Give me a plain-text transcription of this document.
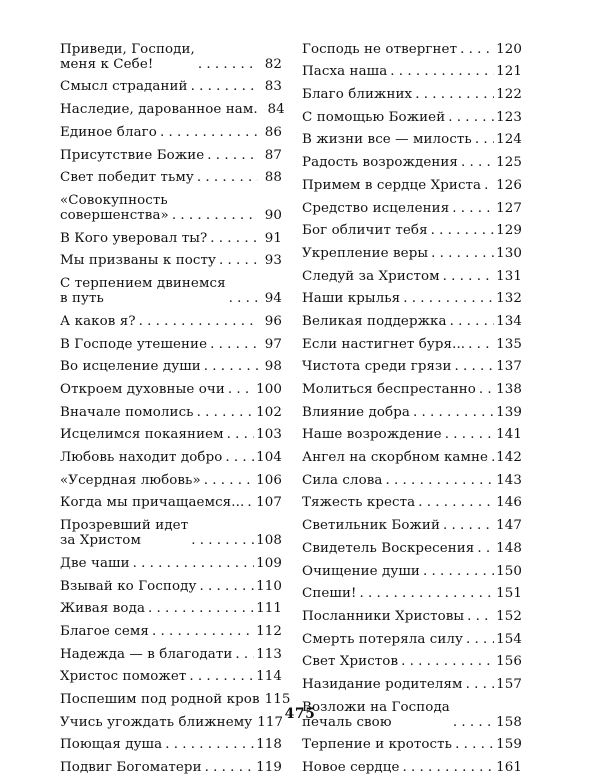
Приведи, Господи,
меня к Себе! . . .	82
Смысл страданий . . .	83
Наследие, дарованное нам. 84
Единое благо . . .	86
Присутствие Божие . . .	87
Свет победит тьму . . .	88
«Совокупность
совершенства» . . .	90
В Кого уверовал ты? . . .	91
Мы призваны к посту . . .	93
С терпением двинемся
в путь . . .	94
А каков я? . . .	96
В Господе утешение . . .	97
Во исцеление души . . .	98
Откроем духовные очи . . . 100
Вначале помолись . . .	102
Исцелимся покаянием . . . 103
Любовь находит добро . . .	104
«Усердная любовь» . . .	106
Когда мы причащаемся... . . . 107
Прозревший идет
за Христом . . .	108
Две чаши . . .	109
Взывай ко Господу . . .	110
Живая вода . . .	111
Благое семя . . .	112
Надежда — в благодати . . . 113
Христос поможет . . .	114
Поспешим под родной кров 115
Учись угождать ближнему 117
Поющая душа . . .	118
Подвиг Богоматери . . .	119
Господь не отвергнет . . .	120
Пасха наша . . .	121
Благо ближних . . .	122
С помощью Божией . . .	123
В жизни все — милость . . . 124
Радость возрождения . . .	125
Примем в сердце Христа . . . 126
Средство исцеления . . .	127
Бог обличит тебя . . .	129
Укрепление веры . . .	130
Следуй за Христом . . .	131
Наши крылья . . .	132
Великая поддержка . . .	134
Если настигнет буря... . . . 135
Чистота среди грязи . . .	137
Молиться беспрестанно . . . 138
Влияние добра . . .	139
Наше возрождение . . .	141
Ангел на скорбном камне . . . 142
Сила слова . . .	143
Тяжесть креста . . .	146
Светильник Божий . . .	147
Свидетель Воскресения . . . 148
Очищение души . . .	150
Спеши! . . .	151
Посланники Христовы . . . 152
Смерть потеряла силу . . . 154
Свет Христов . . .	156
Назидание родителям . . .	157
Возложи на Господа
печаль свою . . .	158
Терпение и кротость . . .	159
Новое сердце . . .	161
475
